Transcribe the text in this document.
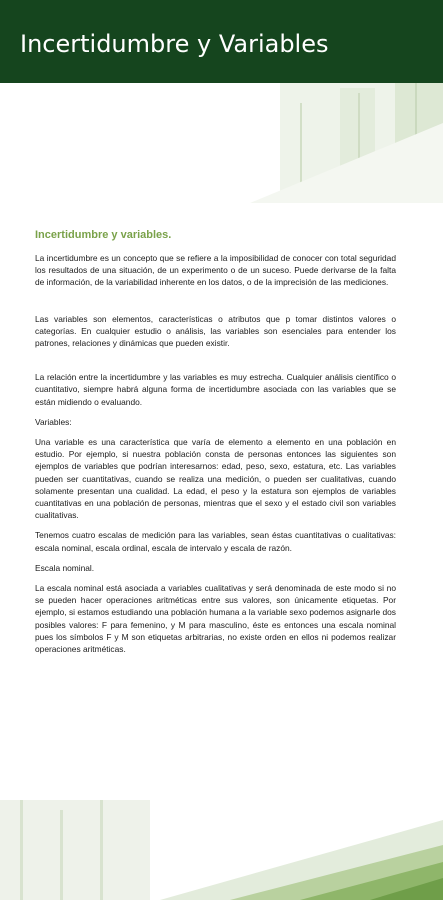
Incertidumbre y Variables
Incertidumbre y variables.

La incertidumbre es un concepto que se refiere a la imposibilidad de conocer con total seguridad los resultados de una situación, de un experimento o de un suceso. Puede derivarse de la falta de información, de la variabilidad inherente en los datos, o de la imprecisión de las mediciones.

Las variables son elementos, características o atributos que p tomar distintos valores o categorías. En cualquier estudio o análisis, las variables son esenciales para entender los patrones, relaciones y dinámicas que pueden existir.

La relación entre la incertidumbre y las variables es muy estrecha. Cualquier análisis científico o cuantitativo, siempre habrá alguna forma de incertidumbre asociada con las variables que se están midiendo o evaluando.

Variables:

Una variable es una característica que varía de elemento a elemento en una población en estudio. Por ejemplo, si nuestra población consta de personas entonces las siguientes son ejemplos de variables que podrían interesarnos: edad, peso, sexo, estatura, etc. Las variables pueden ser cuantitativas, cuando se realiza una medición, o pueden ser cualitativas, cuando solamente presentan una cualidad. La edad, el peso y la estatura son ejemplos de variables cuantitativas en una población de personas, mientras que el sexo y el estado civil son variables cualitativas.

Tenemos cuatro escalas de medición para las variables, sean éstas cuantitativas o cualitativas: escala nominal, escala ordinal, escala de intervalo y escala de razón.

Escala nominal.

La escala nominal está asociada a variables cualitativas y será denominada de este modo si no se pueden hacer operaciones aritméticas entre sus valores, son únicamente etiquetas. Por ejemplo, si estamos estudiando una población humana a la variable sexo podemos asignarle dos posibles valores: F para femenino, y M para masculino, éste es entonces una escala nominal pues los símbolos F y M son etiquetas arbitrarias, no existe orden en ellos ni podemos realizar operaciones aritméticas.
